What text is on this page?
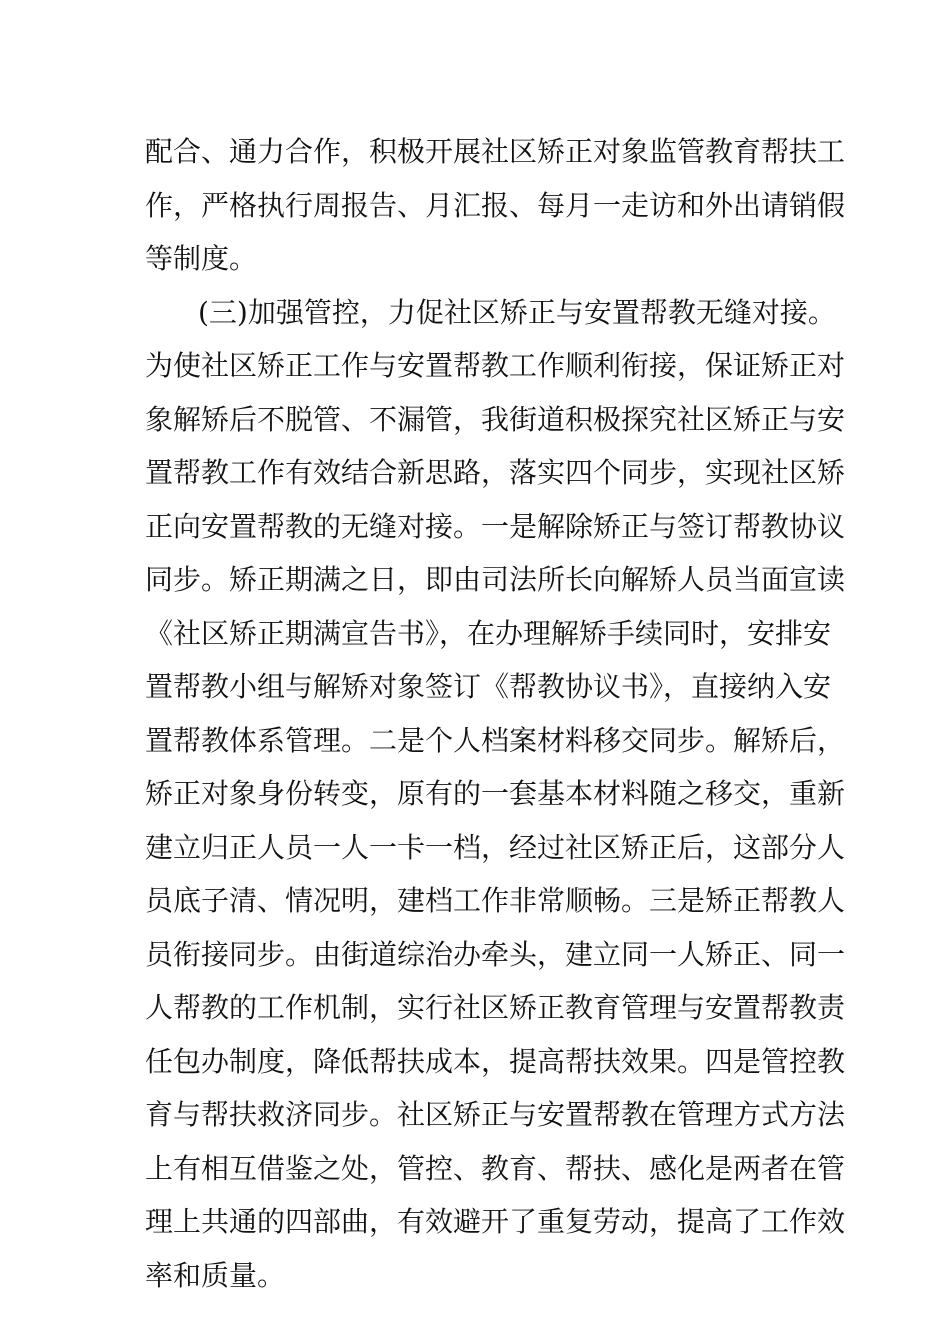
配合、通力合作，积极开展社区矫正对象监管教育帮扶工
作，严格执行周报告、月汇报、每月一走访和外出请销假
等制度。
(三)加强管控，力促社区矫正与安置帮教无缝对接。
为使社区矫正工作与安置帮教工作顺利衔接，保证矫正对
象解矫后不脱管、不漏管，我街道积极探究社区矫正与安
置帮教工作有效结合新思路，落实四个同步，实现社区矫
正向安置帮教的无缝对接。一是解除矫正与签订帮教协议
同步。矫正期满之日，即由司法所长向解矫人员当面宣读
《社区矫正期满宣告书》，在办理解矫手续同时，安排安
置帮教小组与解矫对象签订《帮教协议书》，直接纳入安
置帮教体系管理。二是个人档案材料移交同步。解矫后，
矫正对象身份转变，原有的一套基本材料随之移交，重新
建立归正人员一人一卡一档，经过社区矫正后，这部分人
员底子清、情况明，建档工作非常顺畅。三是矫正帮教人
员衔接同步。由街道综治办牵头，建立同一人矫正、同一
人帮教的工作机制，实行社区矫正教育管理与安置帮教责
任包办制度，降低帮扶成本，提高帮扶效果。四是管控教
育与帮扶救济同步。社区矫正与安置帮教在管理方式方法
上有相互借鉴之处，管控、教育、帮扶、感化是两者在管
理上共通的四部曲，有效避开了重复劳动，提高了工作效
率和质量。
